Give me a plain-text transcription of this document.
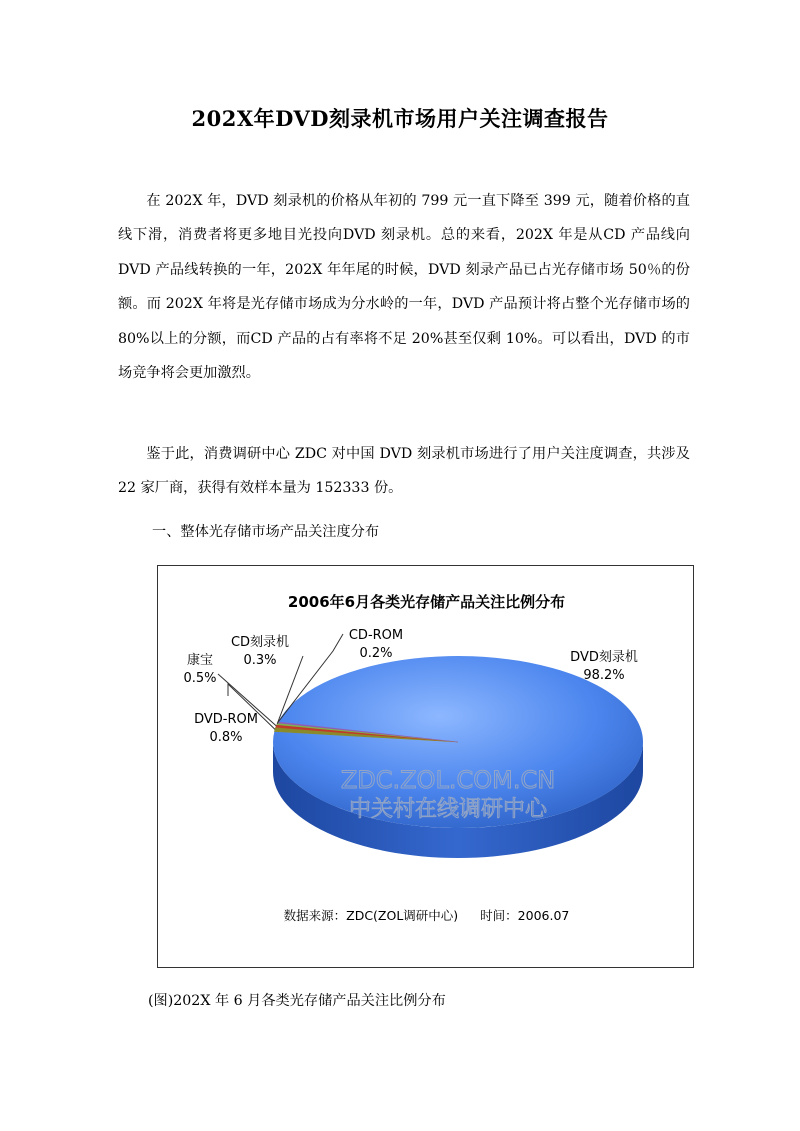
202X年DVD刻录机市场用户关注调查报告

在 202X 年，DVD 刻录机的价格从年初的 799 元一直下降至 399 元，随着价格的直线下滑，消费者将更多地目光投向DVD 刻录机。总的来看，202X 年是从CD 产品线向DVD 产品线转换的一年，202X 年年尾的时候，DVD 刻录产品已占光存储市场 50％的份额。而 202X 年将是光存储市场成为分水岭的一年，DVD 产品预计将占整个光存储市场的 80%以上的分额，而CD 产品的占有率将不足 20%甚至仅剩 10%。可以看出，DVD 的市场竞争将会更加激烈。

鉴于此，消费调研中心 ZDC 对中国 DVD 刻录机市场进行了用户关注度调查，共涉及 22 家厂商，获得有效样本量为 152333 份。

一、整体光存储市场产品关注度分布
ZDC.ZOL.COM.CN
中关村在线调研中心
2006年6月各类光存储产品关注比例分布
DVD刻录机
98.2%
DVD-ROM
0.8%
康宝
0.5%
CD刻录机
0.3%
CD-ROM
0.2%
数据来源：ZDC(ZOL调研中心) 时间：2006.07
(图)202X 年 6 月各类光存储产品关注比例分布
